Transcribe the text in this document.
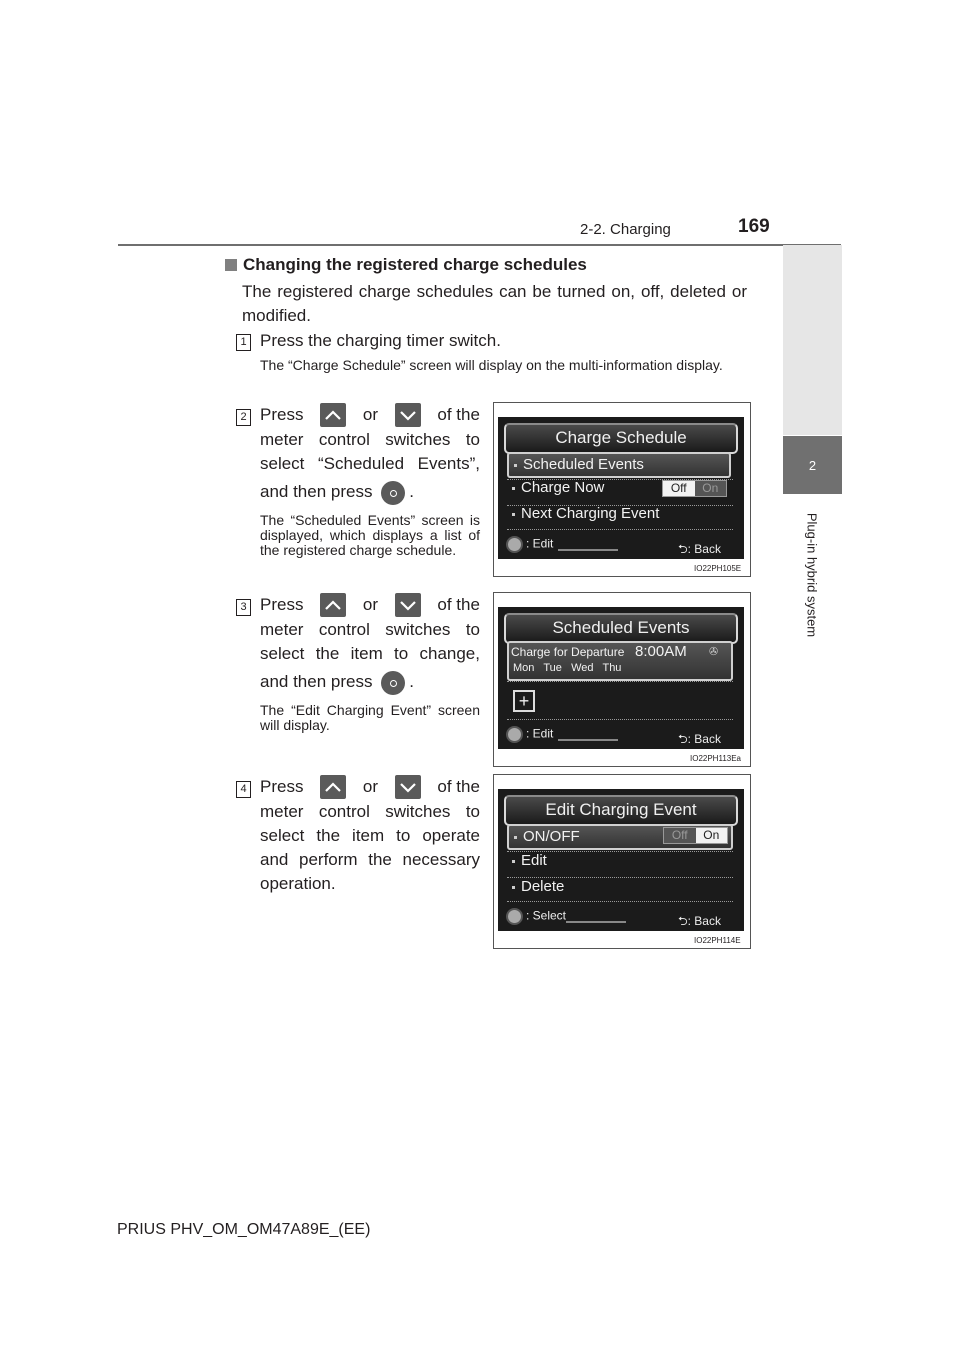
2-2. Charging	169
2
Plug-in hybrid system
Changing the registered charge schedules
The registered charge schedules can be turned on, off, deleted or modified.
1 Press the charging timer switch.
The “Charge Schedule” screen will display on the multi-information display.
2 Press	or	of the
meter control switches to
select “Scheduled Events”,
and then press .
The “Scheduled Events” screen is displayed, which displays a list of the registered charge schedule.
3 Press	or	of the
meter control switches to
select the item to change,
and then press .
The “Edit Charging Event” screen will display.
4 Press	or	of the
meter control switches to
select the item to operate
and perform the necessary
operation.
Charge Schedule
Scheduled Events
Charge Now	Off	On
Next Charging Event
: Edit	⮌: Back
IO22PH105E
Scheduled Events
Charge for Departure 8:00AM ✇
Mon   Tue   Wed   Thu
+
: Edit	⮌: Back
IO22PH113Ea
Edit Charging Event
ON/OFF	Off	On
Edit
Delete
: Select	⮌: Back
IO22PH114E
PRIUS PHV_OM_OM47A89E_(EE)
